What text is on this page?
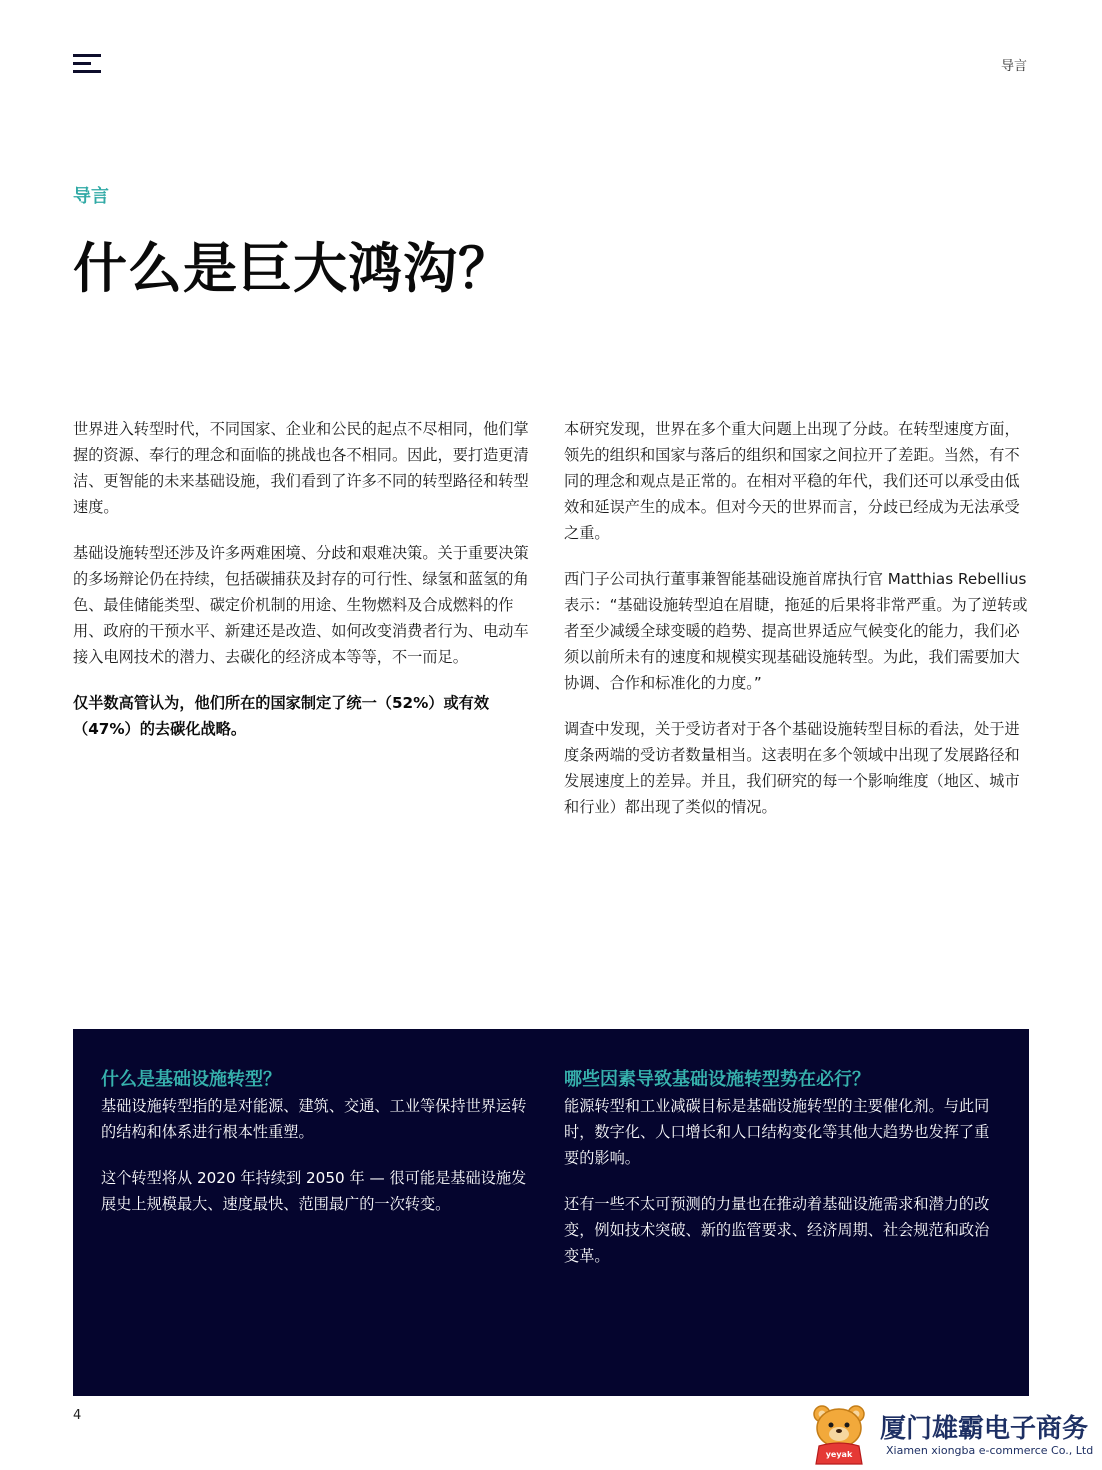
导言
导言
什么是巨大鸿沟？

世界进入转型时代，不同国家、企业和公民的起点不尽相同，他们掌握的资源、奉行的理念和面临的挑战也各不相同。因此，要打造更清洁、更智能的未来基础设施，我们看到了许多不同的转型路径和转型速度。

基础设施转型还涉及许多两难困境、分歧和艰难决策。关于重要决策的多场辩论仍在持续，包括碳捕获及封存的可行性、绿氢和蓝氢的角色、最佳储能类型、碳定价机制的用途、生物燃料及合成燃料的作用、政府的干预水平、新建还是改造、如何改变消费者行为、电动车接入电网技术的潜力、去碳化的经济成本等等，不一而足。

仅半数高管认为，他们所在的国家制定了统一（52%）或有效（47%）的去碳化战略。

本研究发现，世界在多个重大问题上出现了分歧。在转型速度方面，领先的组织和国家与落后的组织和国家之间拉开了差距。当然，有不同的理念和观点是正常的。在相对平稳的年代，我们还可以承受由低效和延误产生的成本。但对今天的世界而言，分歧已经成为无法承受之重。

西门子公司执行董事兼智能基础设施首席执行官 Matthias Rebellius 表示：“基础设施转型迫在眉睫，拖延的后果将非常严重。为了逆转或者至少减缓全球变暖的趋势、提高世界适应气候变化的能力，我们必须以前所未有的速度和规模实现基础设施转型。为此，我们需要加大协调、合作和标准化的力度。”

调查中发现，关于受访者对于各个基础设施转型目标的看法，处于进度条两端的受访者数量相当。这表明在多个领域中出现了发展路径和发展速度上的差异。并且，我们研究的每一个影响维度（地区、城市和行业）都出现了类似的情况。

什么是基础设施转型？

基础设施转型指的是对能源、建筑、交通、工业等保持世界运转的结构和体系进行根本性重塑。

这个转型将从 2020 年持续到 2050 年 — 很可能是基础设施发展史上规模最大、速度最快、范围最广的一次转变。

哪些因素导致基础设施转型势在必行？

能源转型和工业减碳目标是基础设施转型的主要催化剂。与此同时，数字化、人口增长和人口结构变化等其他大趋势也发挥了重要的影响。

还有一些不太可预测的力量也在推动着基础设施需求和潜力的改变，例如技术突破、新的监管要求、经济周期、社会规范和政治变革。

4
yeyak
厦门雄霸电子商务
Xiamen xiongba e-commerce Co., Ltd
